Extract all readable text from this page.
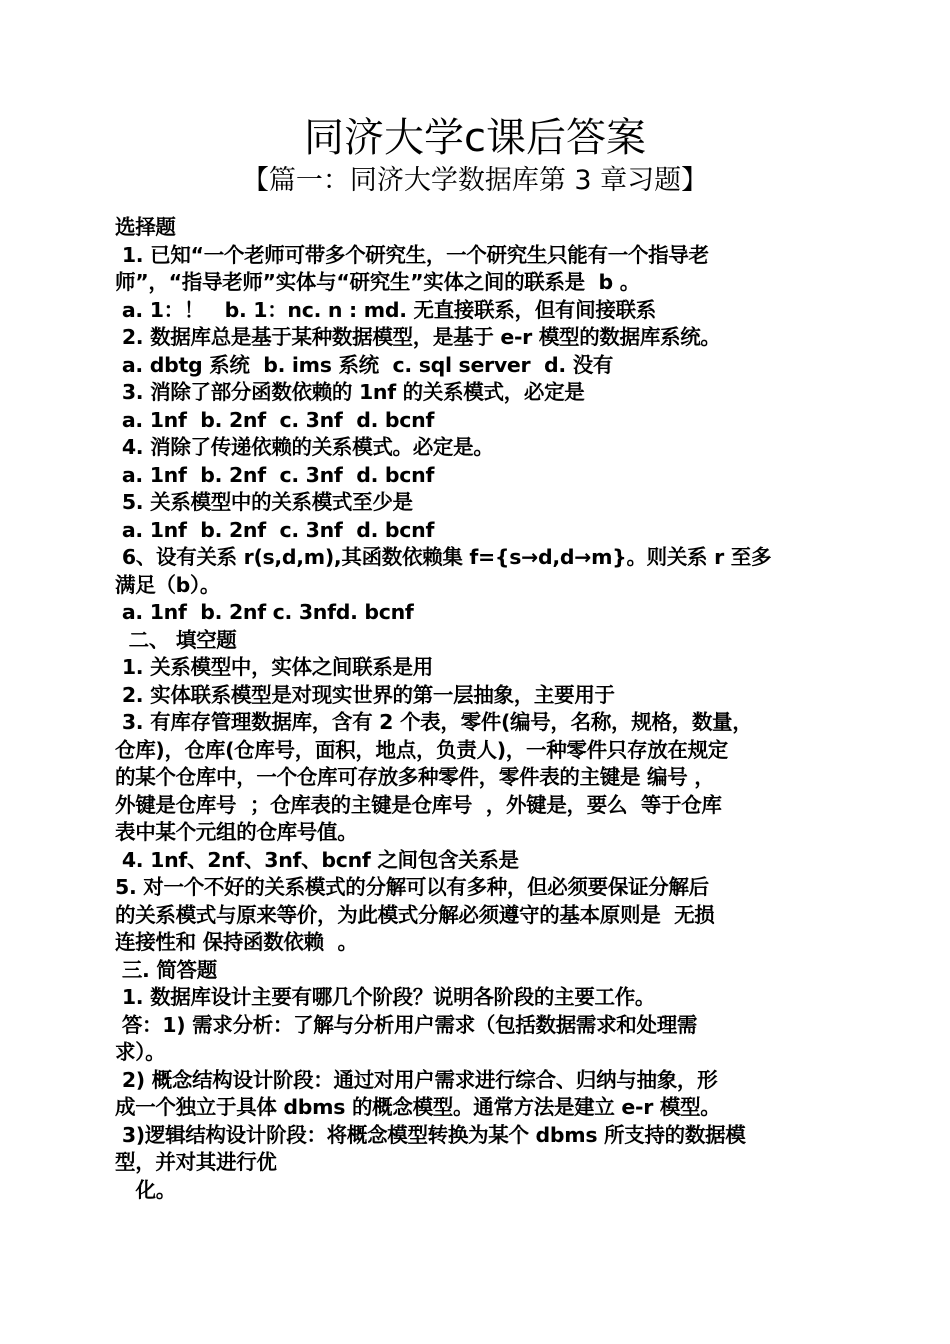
同济大学c课后答案
【篇一：同济大学数据库第 3 章习题】
选择题
1. 已知“一个老师可带多个研究生，一个研究生只能有一个指导老
师”，“指导老师”实体与“研究生”实体之间的联系是  b 。
a. 1：！   b. 1：nc. n : md. 无直接联系，但有间接联系
2. 数据库总是基于某种数据模型，是基于 e-r 模型的数据库系统。
a. dbtg 系统  b. ims 系统  c. sql server  d. 没有
3. 消除了部分函数依赖的 1nf 的关系模式，必定是
a. 1nf  b. 2nf  c. 3nf  d. bcnf
4. 消除了传递依赖的关系模式。必定是。
a. 1nf  b. 2nf  c. 3nf  d. bcnf
5. 关系模型中的关系模式至少是
a. 1nf  b. 2nf  c. 3nf  d. bcnf
6、设有关系 r(s,d,m),其函数依赖集 f={s→d,d→m}。则关系 r 至多
满足（b）。
a. 1nf  b. 2nf c. 3nfd. bcnf
二、 填空题
1. 关系模型中，实体之间联系是用
2. 实体联系模型是对现实世界的第一层抽象，主要用于
3. 有库存管理数据库，含有 2 个表，零件(编号，名称，规格，数量，
仓库)，仓库(仓库号，面积，地点，负责人)，一种零件只存放在规定
的某个仓库中，一个仓库可存放多种零件，零件表的主键是 编号 ，
外键是仓库号  ；仓库表的主键是仓库号  ，外键是，要么  等于仓库
表中某个元组的仓库号值。
4. 1nf、2nf、3nf、bcnf 之间包含关系是
5. 对一个不好的关系模式的分解可以有多种，但必须要保证分解后
的关系模式与原来等价，为此模式分解必须遵守的基本原则是  无损
连接性和 保持函数依赖  。
三. 简答题
1. 数据库设计主要有哪几个阶段？说明各阶段的主要工作。
答：1) 需求分析：了解与分析用户需求（包括数据需求和处理需
求）。
2) 概念结构设计阶段：通过对用户需求进行综合、归纳与抽象，形
成一个独立于具体 dbms 的概念模型。通常方法是建立 e-r 模型。
3)逻辑结构设计阶段：将概念模型转换为某个 dbms 所支持的数据模
型，并对其进行优
化。
